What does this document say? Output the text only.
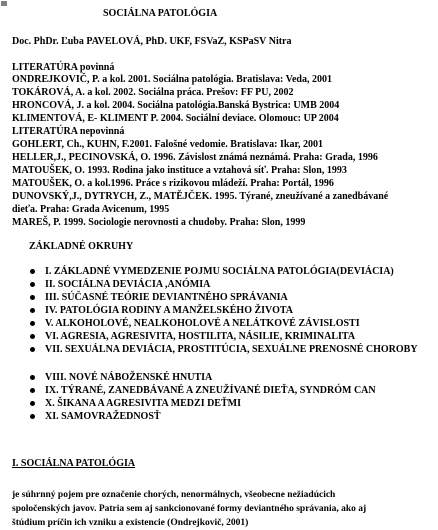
SOCIÁLNA PATOLÓGIA
Doc. PhDr. Ľuba PAVELOVÁ, PhD. UKF, FSVaZ, KSPaSV Nitra
LITERATÚRA povinná
ONDREJKOVIČ, P. a kol. 2001. Sociálna patológia. Bratislava: Veda, 2001
TOKÁROVÁ, A. a kol. 2002. Sociálna práca. Prešov: FF PU, 2002
HRONCOVÁ, J. a kol. 2004. Sociálna patológia.Banská Bystrica: UMB 2004
KLIMENTOVÁ, E- KLIMENT P. 2004. Sociální deviace. Olomouc: UP 2004
LITERATÚRA nepovinná
GOHLERT, Ch., KUHN, F.2001. Falošné vedomie. Bratislava: Ikar, 2001
HELLER,J., PECINOVSKÁ, O. 1996. Závislost známá neznámá. Praha: Grada, 1996
MATOUŠEK, O. 1993. Rodina jako instituce a vztahová síť. Praha: Slon, 1993
MATOUŠEK, O. a kol.1996. Práce s rizikovou mládeží. Praha: Portál, 1996
DUNOVSKÝ,J., DYTRYCH, Z., MATĚJČEK. 1995. Týrané, zneužívané a zanedbávané
dieťa. Praha: Grada Avicenum, 1995
MAREŠ, P. 1999. Sociologie nerovnosti a chudoby. Praha: Slon, 1999
ZÁKLADNÉ OKRUHY
I. ZÁKLADNÉ VYMEDZENIE POJMU SOCIÁLNA PATOLÓGIA(DEVIÁCIA)
II. SOCIÁLNA DEVIÁCIA ,ANÓMIA
III. SÚČASNÉ TEÓRIE DEVIANTNÉHO SPRÁVANIA
IV. PATOLÓGIA RODINY A MANŽELSKÉHO ŽIVOTA
V. ALKOHOLOVÉ, NEALKOHOLOVÉ A NELÁTKOVÉ ZÁVISLOSTI
VI. AGRESIA, AGRESIVITA, HOSTILITA, NÁSILIE, KRIMINALITA
VII. SEXUÁLNA DEVIÁCIA, PROSTITÚCIA, SEXUÁLNE PRENOSNÉ CHOROBY
VIII. NOVÉ NÁBOŽENSKÉ HNUTIA
IX. TÝRANÉ, ZANEDBÁVANÉ A ZNEUŽÍVANÉ DIEŤA, SYNDRÓM CAN
X. ŠIKANA A AGRESIVITA MEDZI DEŤMI
XI. SAMOVRAŽEDNOSŤ
I. SOCIÁLNA PATOLÓGIA
je súhrnný pojem pre označenie chorých, nenormálnych, všeobecne nežiadúcich
spoločenských javov. Patria sem aj sankcionované formy deviantného správania, ako aj
štúdium príčin ich vzniku a existencie (Ondrejkovič, 2001)
